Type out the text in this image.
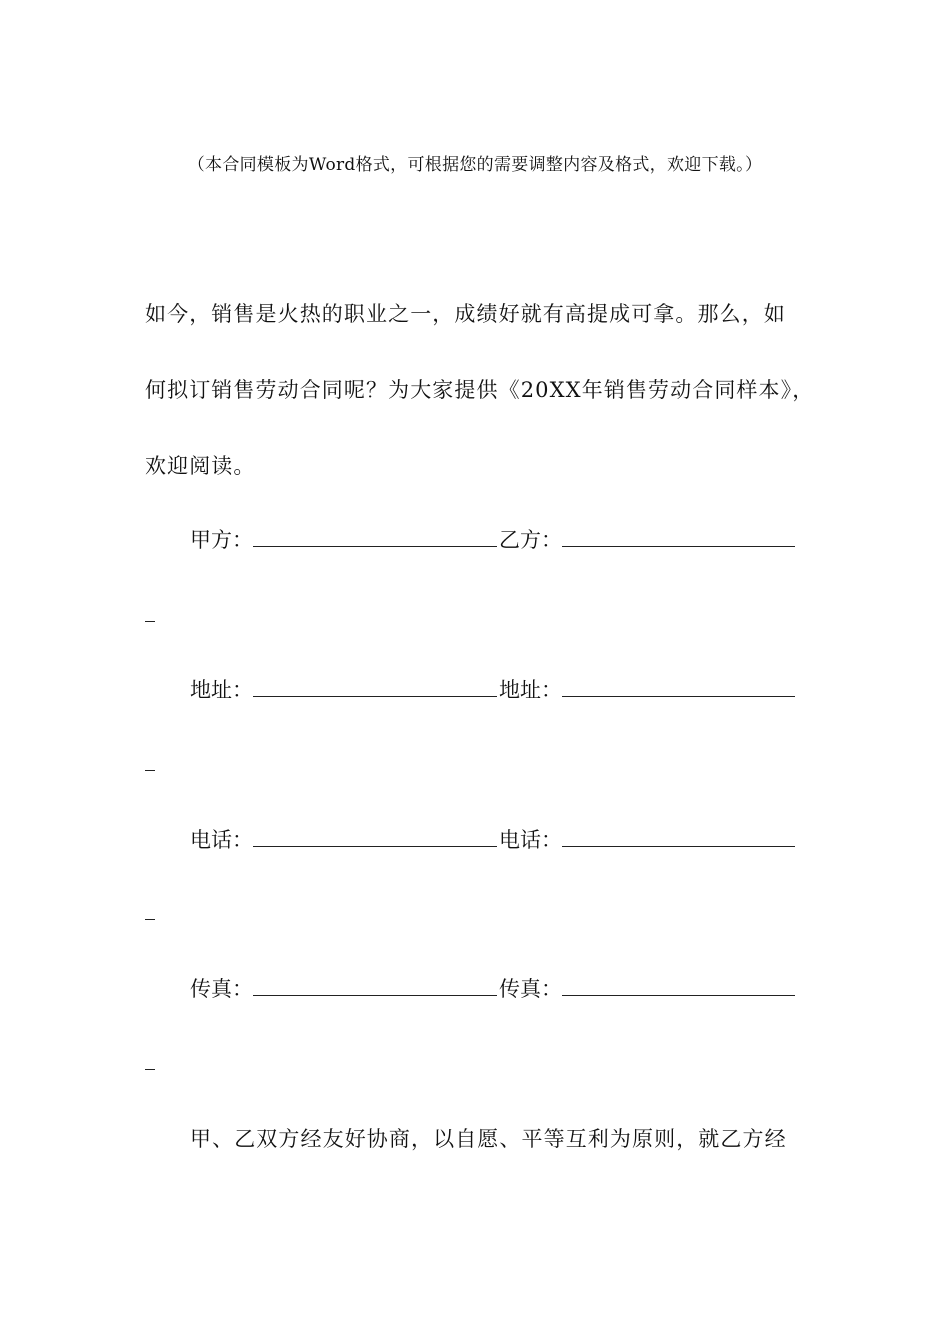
（本合同模板为Word格式，可根据您的需要调整内容及格式，欢迎下载。）
如今，销售是火热的职业之一，成绩好就有高提成可拿。那么，如
何拟订销售劳动合同呢？为大家提供《20XX年销售劳动合同样本》，
欢迎阅读。
甲方：	乙方：
地址：	地址：
电话：	电话：
传真：	传真：
甲、乙双方经友好协商，以自愿、平等互利为原则，就乙方经
